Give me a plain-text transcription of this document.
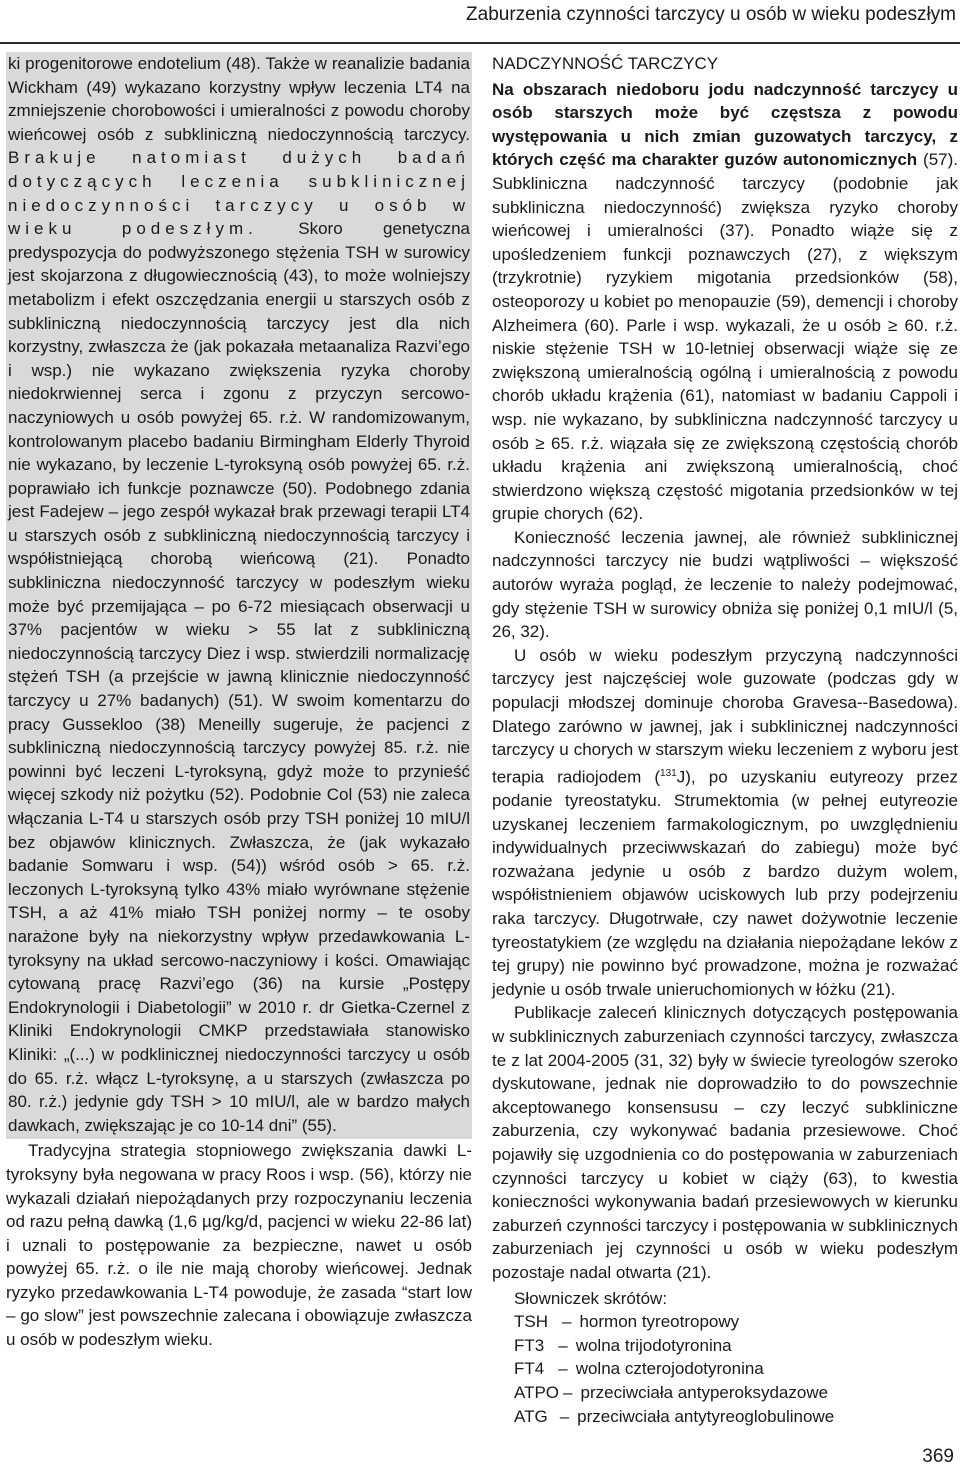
Zaburzenia czynności tarczycy u osób w wieku podeszłym

ki progenitorowe endotelium (48). Także w reanalizie badania Wickham (49) wykazano korzystny wpływ leczenia LT4 na zmniejszenie chorobowości i umieralności z powodu choroby wieńcowej osób z subkliniczną niedoczynnością tarczycy. Brakuje natomiast dużych badań dotyczących leczenia subklinicznej niedoczynności tarczycy u osób w wieku podeszłym. Skoro genetyczna predyspozycja do podwyższonego stężenia TSH w surowicy jest skojarzona z długowiecznością (43), to może wolniejszy metabolizm i efekt oszczędzania energii u starszych osób z subkliniczną niedoczynnością tarczycy jest dla nich korzystny, zwłaszcza że (jak pokazała metaanaliza Razvi’ego i wsp.) nie wykazano zwiększenia ryzyka choroby niedokrwiennej serca i zgonu z przyczyn sercowo-naczyniowych u osób powyżej 65. r.ż. W randomizowanym, kontrolowanym placebo badaniu Birmingham Elderly Thyroid nie wykazano, by leczenie L-tyroksyną osób powyżej 65. r.ż. poprawiało ich funkcje poznawcze (50). Podobnego zdania jest Fadejew – jego zespół wykazał brak przewagi terapii LT4 u starszych osób z subkliniczną niedoczynnością tarczycy i współistniejącą chorobą wieńcową (21). Ponadto subkliniczna niedoczynność tarczycy w podeszłym wieku może być przemijająca – po 6-72 miesiącach obserwacji u 37% pacjentów w wieku > 55 lat z subkliniczną niedoczynnością tarczycy Diez i wsp. stwierdzili normalizację stężeń TSH (a przejście w jawną klinicznie niedoczynność tarczycy u 27% badanych) (51). W swoim komentarzu do pracy Gussekloo (38) Meneilly sugeruje, że pacjenci z subkliniczną niedoczynnością tarczycy powyżej 85. r.ż. nie powinni być leczeni L-tyroksyną, gdyż może to przynieść więcej szkody niż pożytku (52). Podobnie Col (53) nie zaleca włączania L-T4 u starszych osób przy TSH poniżej 10 mIU/l bez objawów klinicznych. Zwłaszcza, że (jak wykazało badanie Somwaru i wsp. (54)) wśród osób > 65. r.ż. leczonych L-tyroksyną tylko 43% miało wyrównane stężenie TSH, a aż 41% miało TSH poniżej normy – te osoby narażone były na niekorzystny wpływ przedawkowania L-tyroksyny na układ sercowo-naczyniowy i kości. Omawiając cytowaną pracę Razvi’ego (36) na kursie „Postępy Endokrynologii i Diabetologii” w 2010 r. dr Gietka-Czernel z Kliniki Endokrynologii CMKP przedstawiała stanowisko Kliniki: „(...) w podklinicznej niedoczynności tarczycy u osób do 65. r.ż. włącz L-tyroksynę, a u starszych (zwłaszcza po 80. r.ż.) jedynie gdy TSH > 10 mIU/l, ale w bardzo małych dawkach, zwiększając je co 10-14 dni” (55).

Tradycyjna strategia stopniowego zwiększania dawki L-tyroksyny była negowana w pracy Roos i wsp. (56), którzy nie wykazali działań niepożądanych przy rozpoczynaniu leczenia od razu pełną dawką (1,6 µg/kg/d, pacjenci w wieku 22-86 lat) i uznali to postępowanie za bezpieczne, nawet u osób powyżej 65. r.ż. o ile nie mają choroby wieńcowej. Jednak ryzyko przedawkowania L-T4 powoduje, że zasada “start low – go slow” jest powszechnie zalecana i obowiązuje zwłaszcza u osób w podeszłym wieku.

NADCZYNNOŚĆ TARCZYCY

Na obszarach niedoboru jodu nadczynność tarczycy u osób starszych może być częstsza z powodu występowania u nich zmian guzowatych tarczycy, z których część ma charakter guzów autonomicznych (57). Subkliniczna nadczynność tarczycy (podobnie jak subkliniczna niedoczynność) zwiększa ryzyko choroby wieńcowej i umieralności (37). Ponadto wiąże się z upośledzeniem funkcji poznawczych (27), z większym (trzykrotnie) ryzykiem migotania przedsionków (58), osteoporozy u kobiet po menopauzie (59), demencji i choroby Alzheimera (60). Parle i wsp. wykazali, że u osób ≥ 60. r.ż. niskie stężenie TSH w 10-letniej obserwacji wiąże się ze zwiększoną umieralnością ogólną i umieralnością z powodu chorób układu krążenia (61), natomiast w badaniu Cappoli i wsp. nie wykazano, by subkliniczna nadczynność tarczycy u osób ≥ 65. r.ż. wiązała się ze zwiększoną częstością chorób układu krążenia ani zwiększoną umieralnością, choć stwierdzono większą częstość migotania przedsionków w tej grupie chorych (62).

Konieczność leczenia jawnej, ale również subklinicznej nadczynności tarczycy nie budzi wątpliwości – większość autorów wyraża pogląd, że leczenie to należy podejmować, gdy stężenie TSH w surowicy obniża się poniżej 0,1 mIU/l (5, 26, 32).

U osób w wieku podeszłym przyczyną nadczynności tarczycy jest najczęściej wole guzowate (podczas gdy w populacji młodszej dominuje choroba Gravesa--Basedowa). Dlatego zarówno w jawnej, jak i subklinicznej nadczynności tarczycy u chorych w starszym wieku leczeniem z wyboru jest terapia radiojodem ($^{131}$J), po uzyskaniu eutyreozy przez podanie tyreostatyku. Strumektomia (w pełnej eutyreozie uzyskanej leczeniem farmakologicznym, po uwzględnieniu indywidualnych przeciwwskazań do zabiegu) może być rozważana jedynie u osób z bardzo dużym wolem, współistnieniem objawów uciskowych lub przy podejrzeniu raka tarczycy. Długotrwałe, czy nawet dożywotnie leczenie tyreostatykiem (ze względu na działania niepożądane leków z tej grupy) nie powinno być prowadzone, można je rozważać jedynie u osób trwale unieruchomionych w łóżku (21).

Publikacje zaleceń klinicznych dotyczących postępowania w subklinicznych zaburzeniach czynności tarczycy, zwłaszcza te z lat 2004-2005 (31, 32) były w świecie tyreologów szeroko dyskutowane, jednak nie doprowadziło to do powszechnie akceptowanego konsensusu – czy leczyć subkliniczne zaburzenia, czy wykonywać badania przesiewowe. Choć pojawiły się uzgodnienia co do postępowania w zaburzeniach czynności tarczycy u kobiet w ciąży (63), to kwestia konieczności wykonywania badań przesiewowych w kierunku zaburzeń czynności tarczycy i postępowania w subklinicznych zaburzeniach jej czynności u osób w wieku podeszłym pozostaje nadal otwarta (21).

Słowniczek skrótów:
TSH – hormon tyreotropowy
FT3 – wolna trijodotyronina
FT4 – wolna czterojodotyronina
ATPO – przeciwciała antyperoksydazowe
ATG – przeciwciała antytyreoglobulinowe
369
